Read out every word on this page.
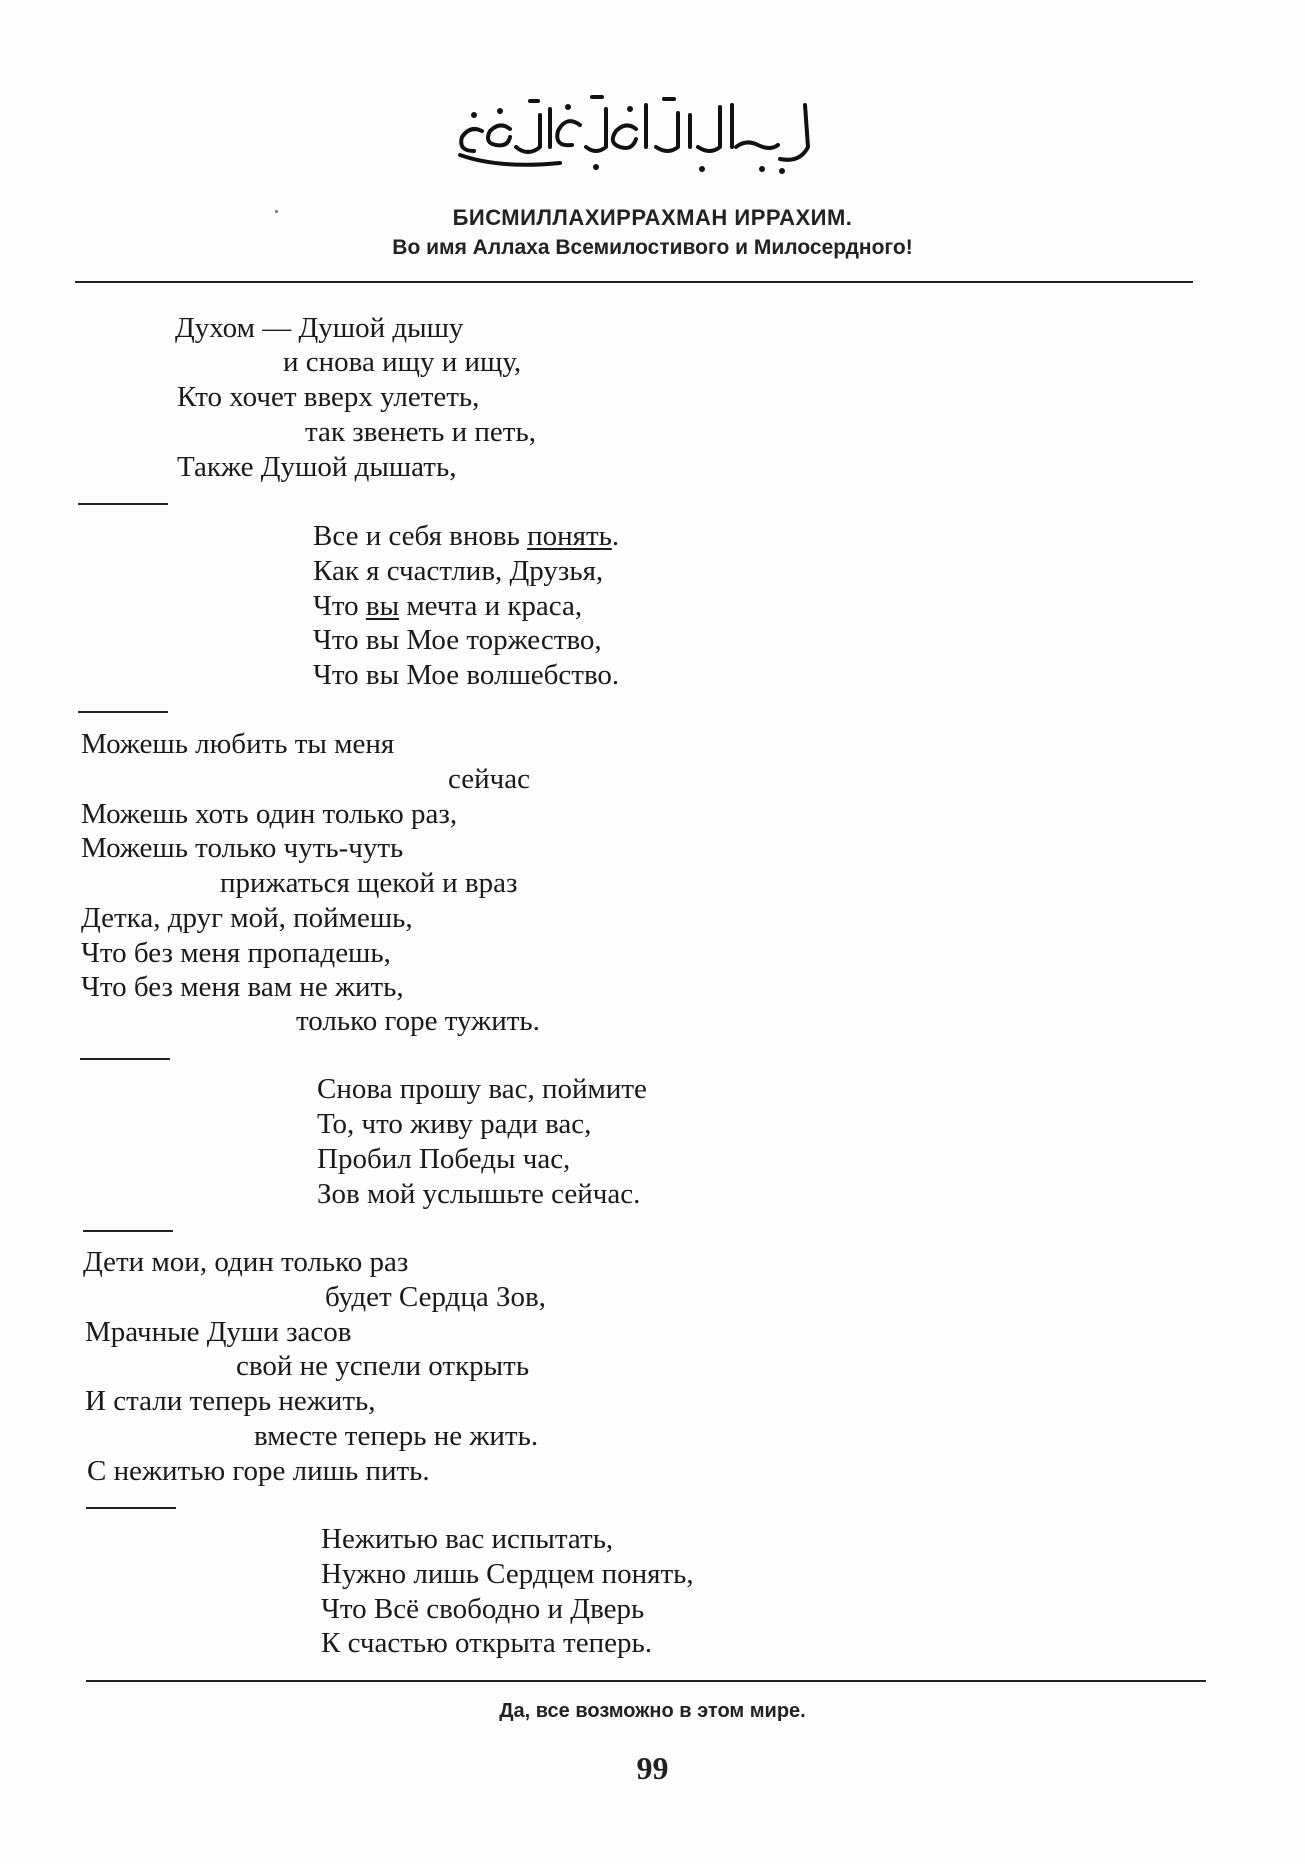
БИСМИЛЛАХИРРАХМАН ИРРАХИМ.
Во имя Аллаха Всемилостивого и Милосердного!
Духом — Душой дышу
и снова ищу и ищу,
Кто хочет вверх улететь,
так звенеть и петь,
Также Душой дышать,
Все и себя вновь понять.
Как я счастлив, Друзья,
Что вы мечта и краса,
Что вы Мое торжество,
Что вы Мое волшебство.
Можешь любить ты меня
сейчас
Можешь хоть один только раз,
Можешь только чуть-чуть
прижаться щекой и враз
Детка, друг мой, поймешь,
Что без меня пропадешь,
Что без меня вам не жить,
только горе тужить.
Снова прошу вас, поймите
То, что живу ради вас,
Пробил Победы час,
Зов мой услышьте сейчас.
Дети мои, один только раз
будет Сердца Зов,
Мрачные Души засов
свой не успели открыть
И стали теперь нежить,
вместе теперь не жить.
С нежитью горе лишь пить.
Нежитью вас испытать,
Нужно лишь Сердцем понять,
Что Всё свободно и Дверь
К счастью открыта теперь.
Да, все возможно в этом мире.
99
